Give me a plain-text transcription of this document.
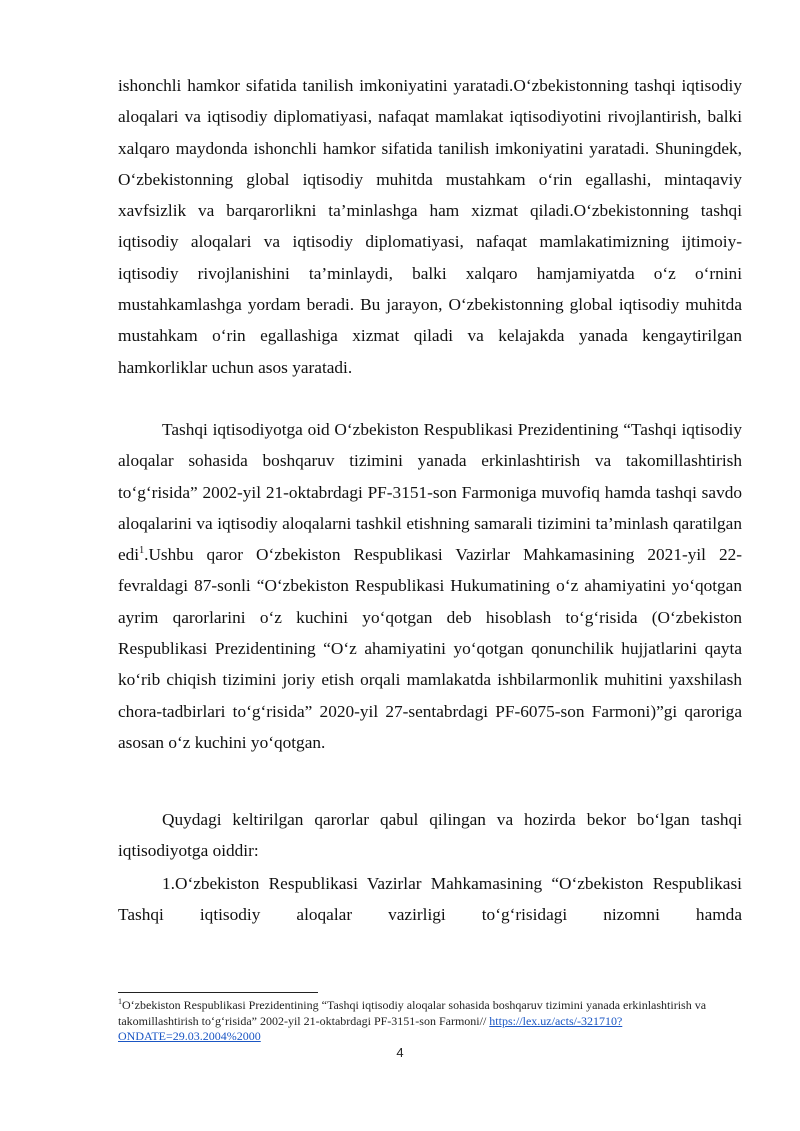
ishonchli hamkor sifatida tanilish imkoniyatini yaratadi.O‘zbekistonning tashqi iqtisodiy aloqalari va iqtisodiy diplomatiyasi, nafaqat mamlakat iqtisodiyotini rivojlantirish, balki xalqaro maydonda ishonchli hamkor sifatida tanilish imkoniyatini yaratadi. Shuningdek, O‘zbekistonning global iqtisodiy muhitda mustahkam o‘rin egallashi, mintaqaviy xavfsizlik va barqarorlikni ta’minlashga ham xizmat qiladi.O‘zbekistonning tashqi iqtisodiy aloqalari va iqtisodiy diplomatiyasi, nafaqat mamlakatimizning ijtimoiy-iqtisodiy rivojlanishini ta’minlaydi, balki xalqaro hamjamiyatda o‘z o‘rnini mustahkamlashga yordam beradi. Bu jarayon, O‘zbekistonning global iqtisodiy muhitda mustahkam o‘rin egallashiga xizmat qiladi va kelajakda yanada kengaytirilgan hamkorliklar uchun asos yaratadi.

Tashqi iqtisodiyotga oid O‘zbekiston Respublikasi Prezidentining “Tashqi iqtisodiy aloqalar sohasida boshqaruv tizimini yanada erkinlashtirish va takomillashtirish to‘g‘risida” 2002-yil 21-oktabrdagi PF-3151-son Farmoniga muvofiq hamda tashqi savdo aloqalarini va iqtisodiy aloqalarni tashkil etishning samarali tizimini ta’minlash qaratilgan edi$^1$.Ushbu qaror O‘zbekiston Respublikasi Vazirlar Mahkamasining 2021-yil 22-fevraldagi 87-sonli “O‘zbekiston Respublikasi Hukumatining o‘z ahamiyatini yo‘qotgan ayrim qarorlarini o‘z kuchini yo‘qotgan deb hisoblash to‘g‘risida (O‘zbekiston Respublikasi Prezidentining “O‘z ahamiyatini yo‘qotgan qonunchilik hujjatlarini qayta ko‘rib chiqish tizimini joriy etish orqali mamlakatda ishbilarmonlik muhitini yaxshilash chora-tadbirlari to‘g‘risida” 2020-yil 27-sentabrdagi PF-6075-son Farmoni)”gi qaroriga asosan o‘z kuchini yo‘qotgan.

Quydagi keltirilgan qarorlar qabul qilingan va hozirda bekor bo‘lgan tashqi iqtisodiyotga oiddir:

1.O‘zbekiston Respublikasi Vazirlar Mahkamasining “O‘zbekiston Respublikasi Tashqi iqtisodiy aloqalar vazirligi to‘g‘risidagi nizomni hamda

$^1$O‘zbekiston Respublikasi Prezidentining “Tashqi iqtisodiy aloqalar sohasida boshqaruv tizimini yanada erkinlashtirish va takomillashtirish to‘g‘risida” 2002-yil 21-oktabrdagi PF-3151-son Farmoni// https://lex.uz/acts/-321710?ONDATE=29.03.2004%2000

4
